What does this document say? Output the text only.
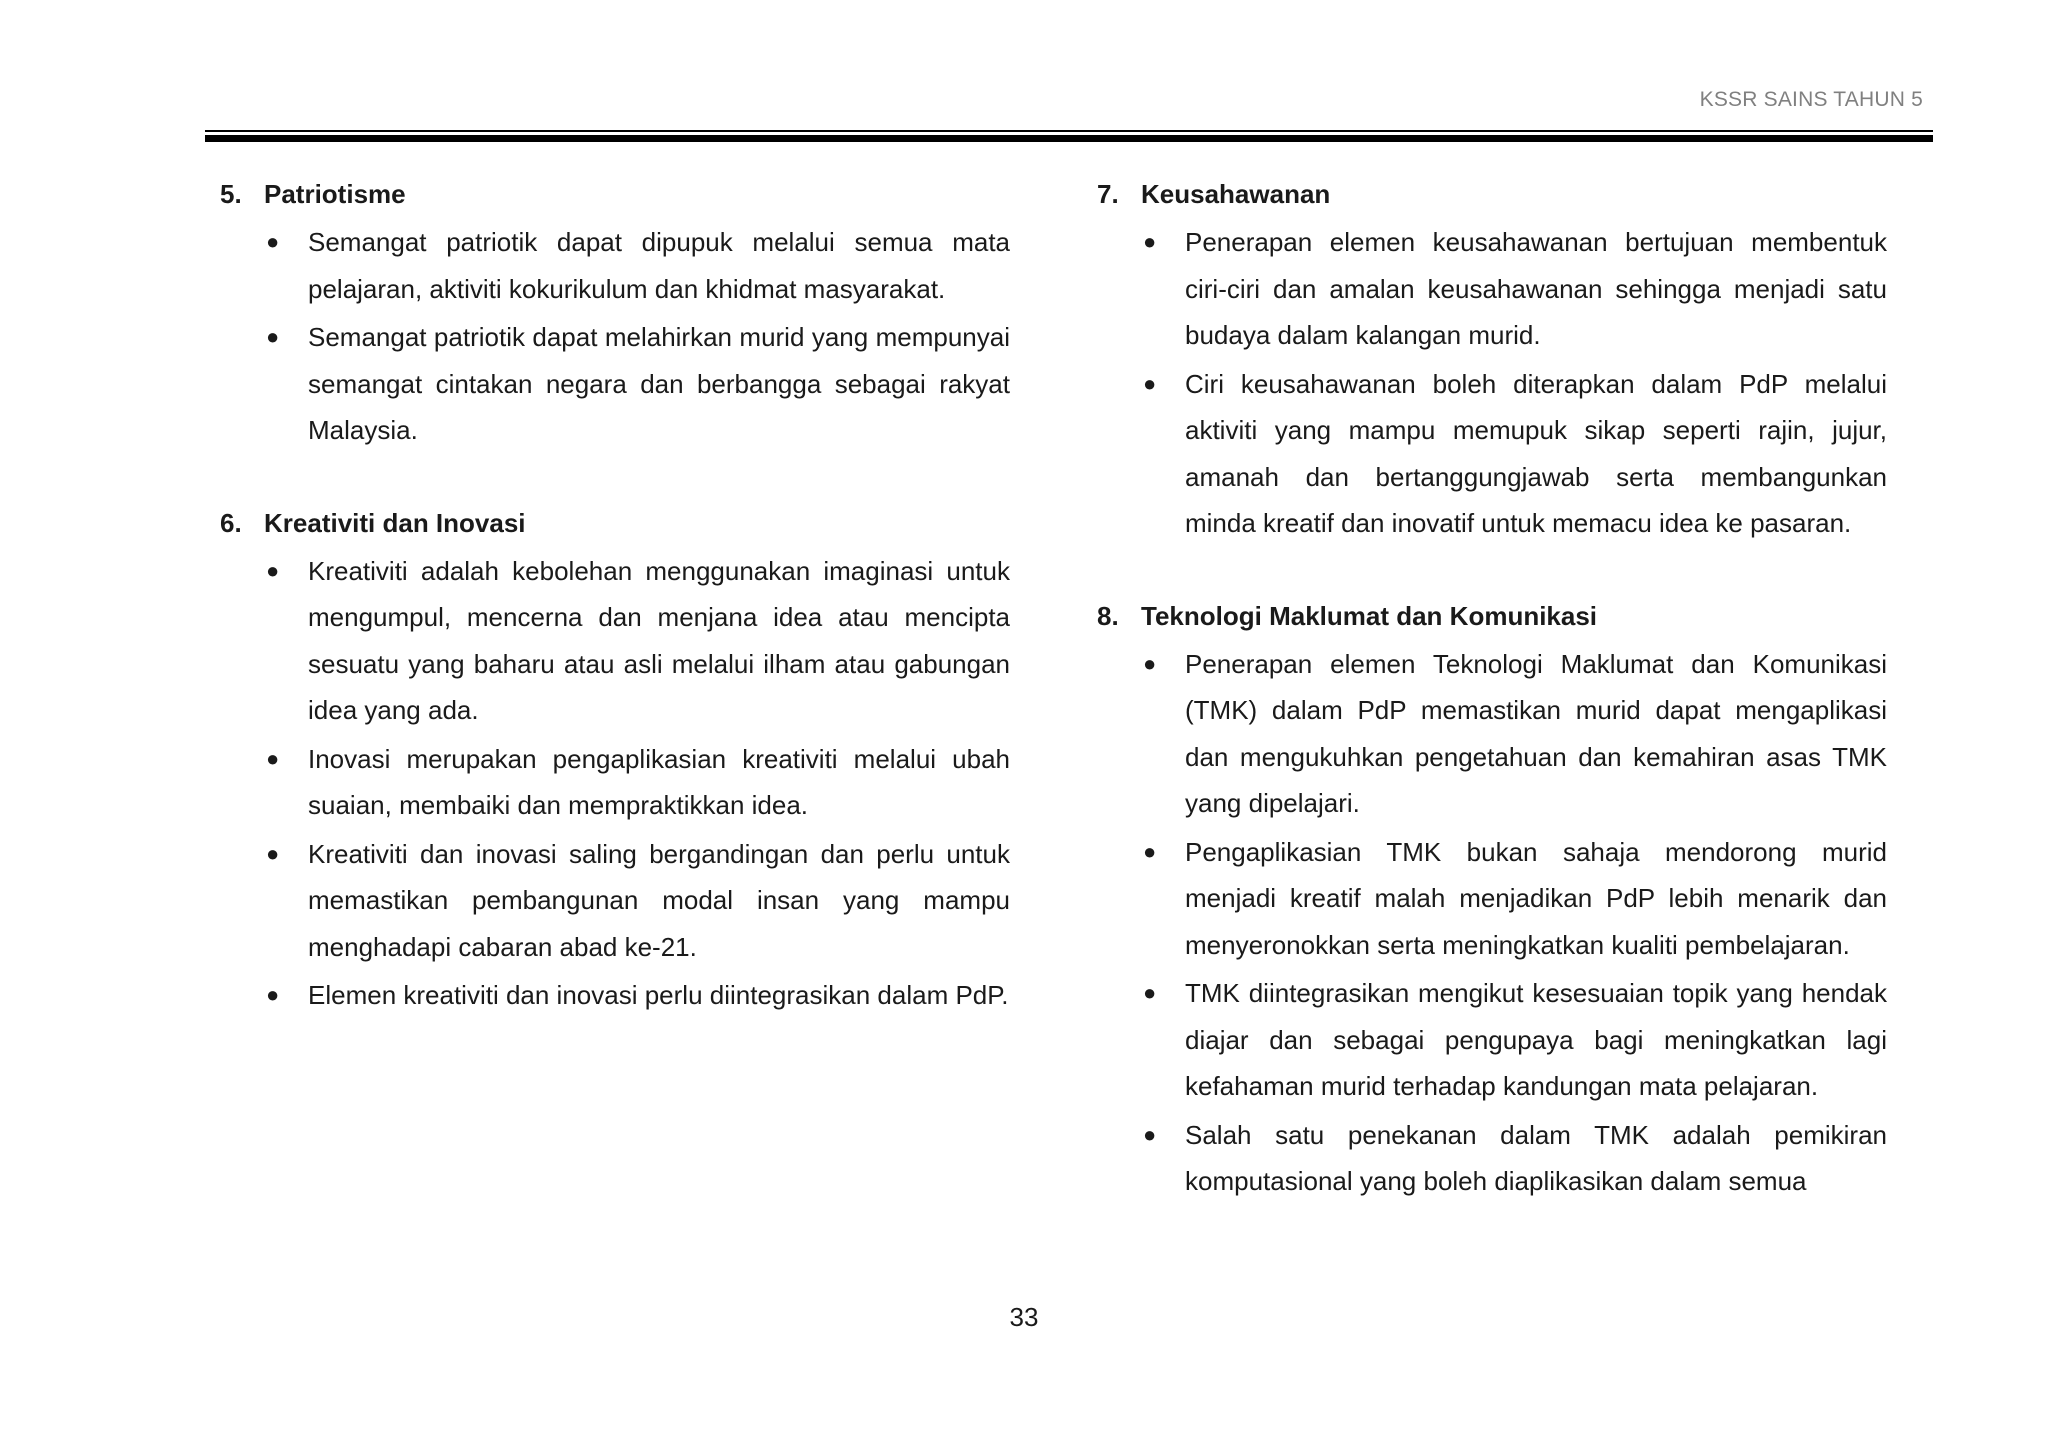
KSSR SAINS TAHUN 5
5. Patriotisme
● Semangat patriotik dapat dipupuk melalui semua mata pelajaran, aktiviti kokurikulum dan khidmat masyarakat.
● Semangat patriotik dapat melahirkan murid yang mempunyai semangat cintakan negara dan berbangga sebagai rakyat Malaysia.
6. Kreativiti dan Inovasi
● Kreativiti adalah kebolehan menggunakan imaginasi untuk mengumpul, mencerna dan menjana idea atau mencipta sesuatu yang baharu atau asli melalui ilham atau gabungan idea yang ada.
● Inovasi merupakan pengaplikasian kreativiti melalui ubah suaian, membaiki dan mempraktikkan idea.
● Kreativiti dan inovasi saling bergandingan dan perlu untuk memastikan pembangunan modal insan yang mampu menghadapi cabaran abad ke-21.
● Elemen kreativiti dan inovasi perlu diintegrasikan dalam PdP.
7. Keusahawanan
● Penerapan elemen keusahawanan bertujuan membentuk ciri-ciri dan amalan keusahawanan sehingga menjadi satu budaya dalam kalangan murid.
● Ciri keusahawanan boleh diterapkan dalam PdP melalui aktiviti yang mampu memupuk sikap seperti rajin, jujur, amanah dan bertanggungjawab serta membangunkan minda kreatif dan inovatif untuk memacu idea ke pasaran.
8. Teknologi Maklumat dan Komunikasi
● Penerapan elemen Teknologi Maklumat dan Komunikasi (TMK) dalam PdP memastikan murid dapat mengaplikasi dan mengukuhkan pengetahuan dan kemahiran asas TMK yang dipelajari.
● Pengaplikasian TMK bukan sahaja mendorong murid menjadi kreatif malah menjadikan PdP lebih menarik dan menyeronokkan serta meningkatkan kualiti pembelajaran.
● TMK diintegrasikan mengikut kesesuaian topik yang hendak diajar dan sebagai pengupaya bagi meningkatkan lagi kefahaman murid terhadap kandungan mata pelajaran.
● Salah satu penekanan dalam TMK adalah pemikiran komputasional yang boleh diaplikasikan dalam semua
33
